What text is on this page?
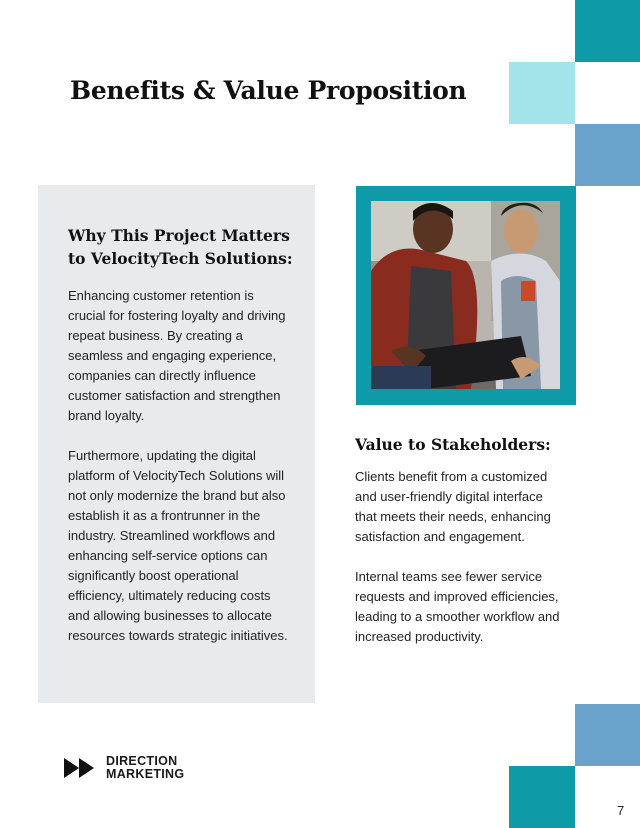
Benefits & Value Proposition
Why This Project Matters
to VelocityTech Solutions:

Enhancing customer retention is crucial for fostering loyalty and driving repeat business. By creating a seamless and engaging experience, companies can directly influence customer satisfaction and strengthen brand loyalty.

Furthermore, updating the digital platform of VelocityTech Solutions will not only modernize the brand but also establish it as a frontrunner in the industry. Streamlined workflows and enhancing self-service options can significantly boost operational efficiency, ultimately reducing costs and allowing businesses to allocate resources towards strategic initiatives.

Value to Stakeholders:

Clients benefit from a customized and user-friendly digital interface that meets their needs, enhancing satisfaction and engagement.

Internal teams see fewer service requests and improved efficiencies, leading to a smoother workflow and increased productivity.

DIRECTION
MARKETING
7
